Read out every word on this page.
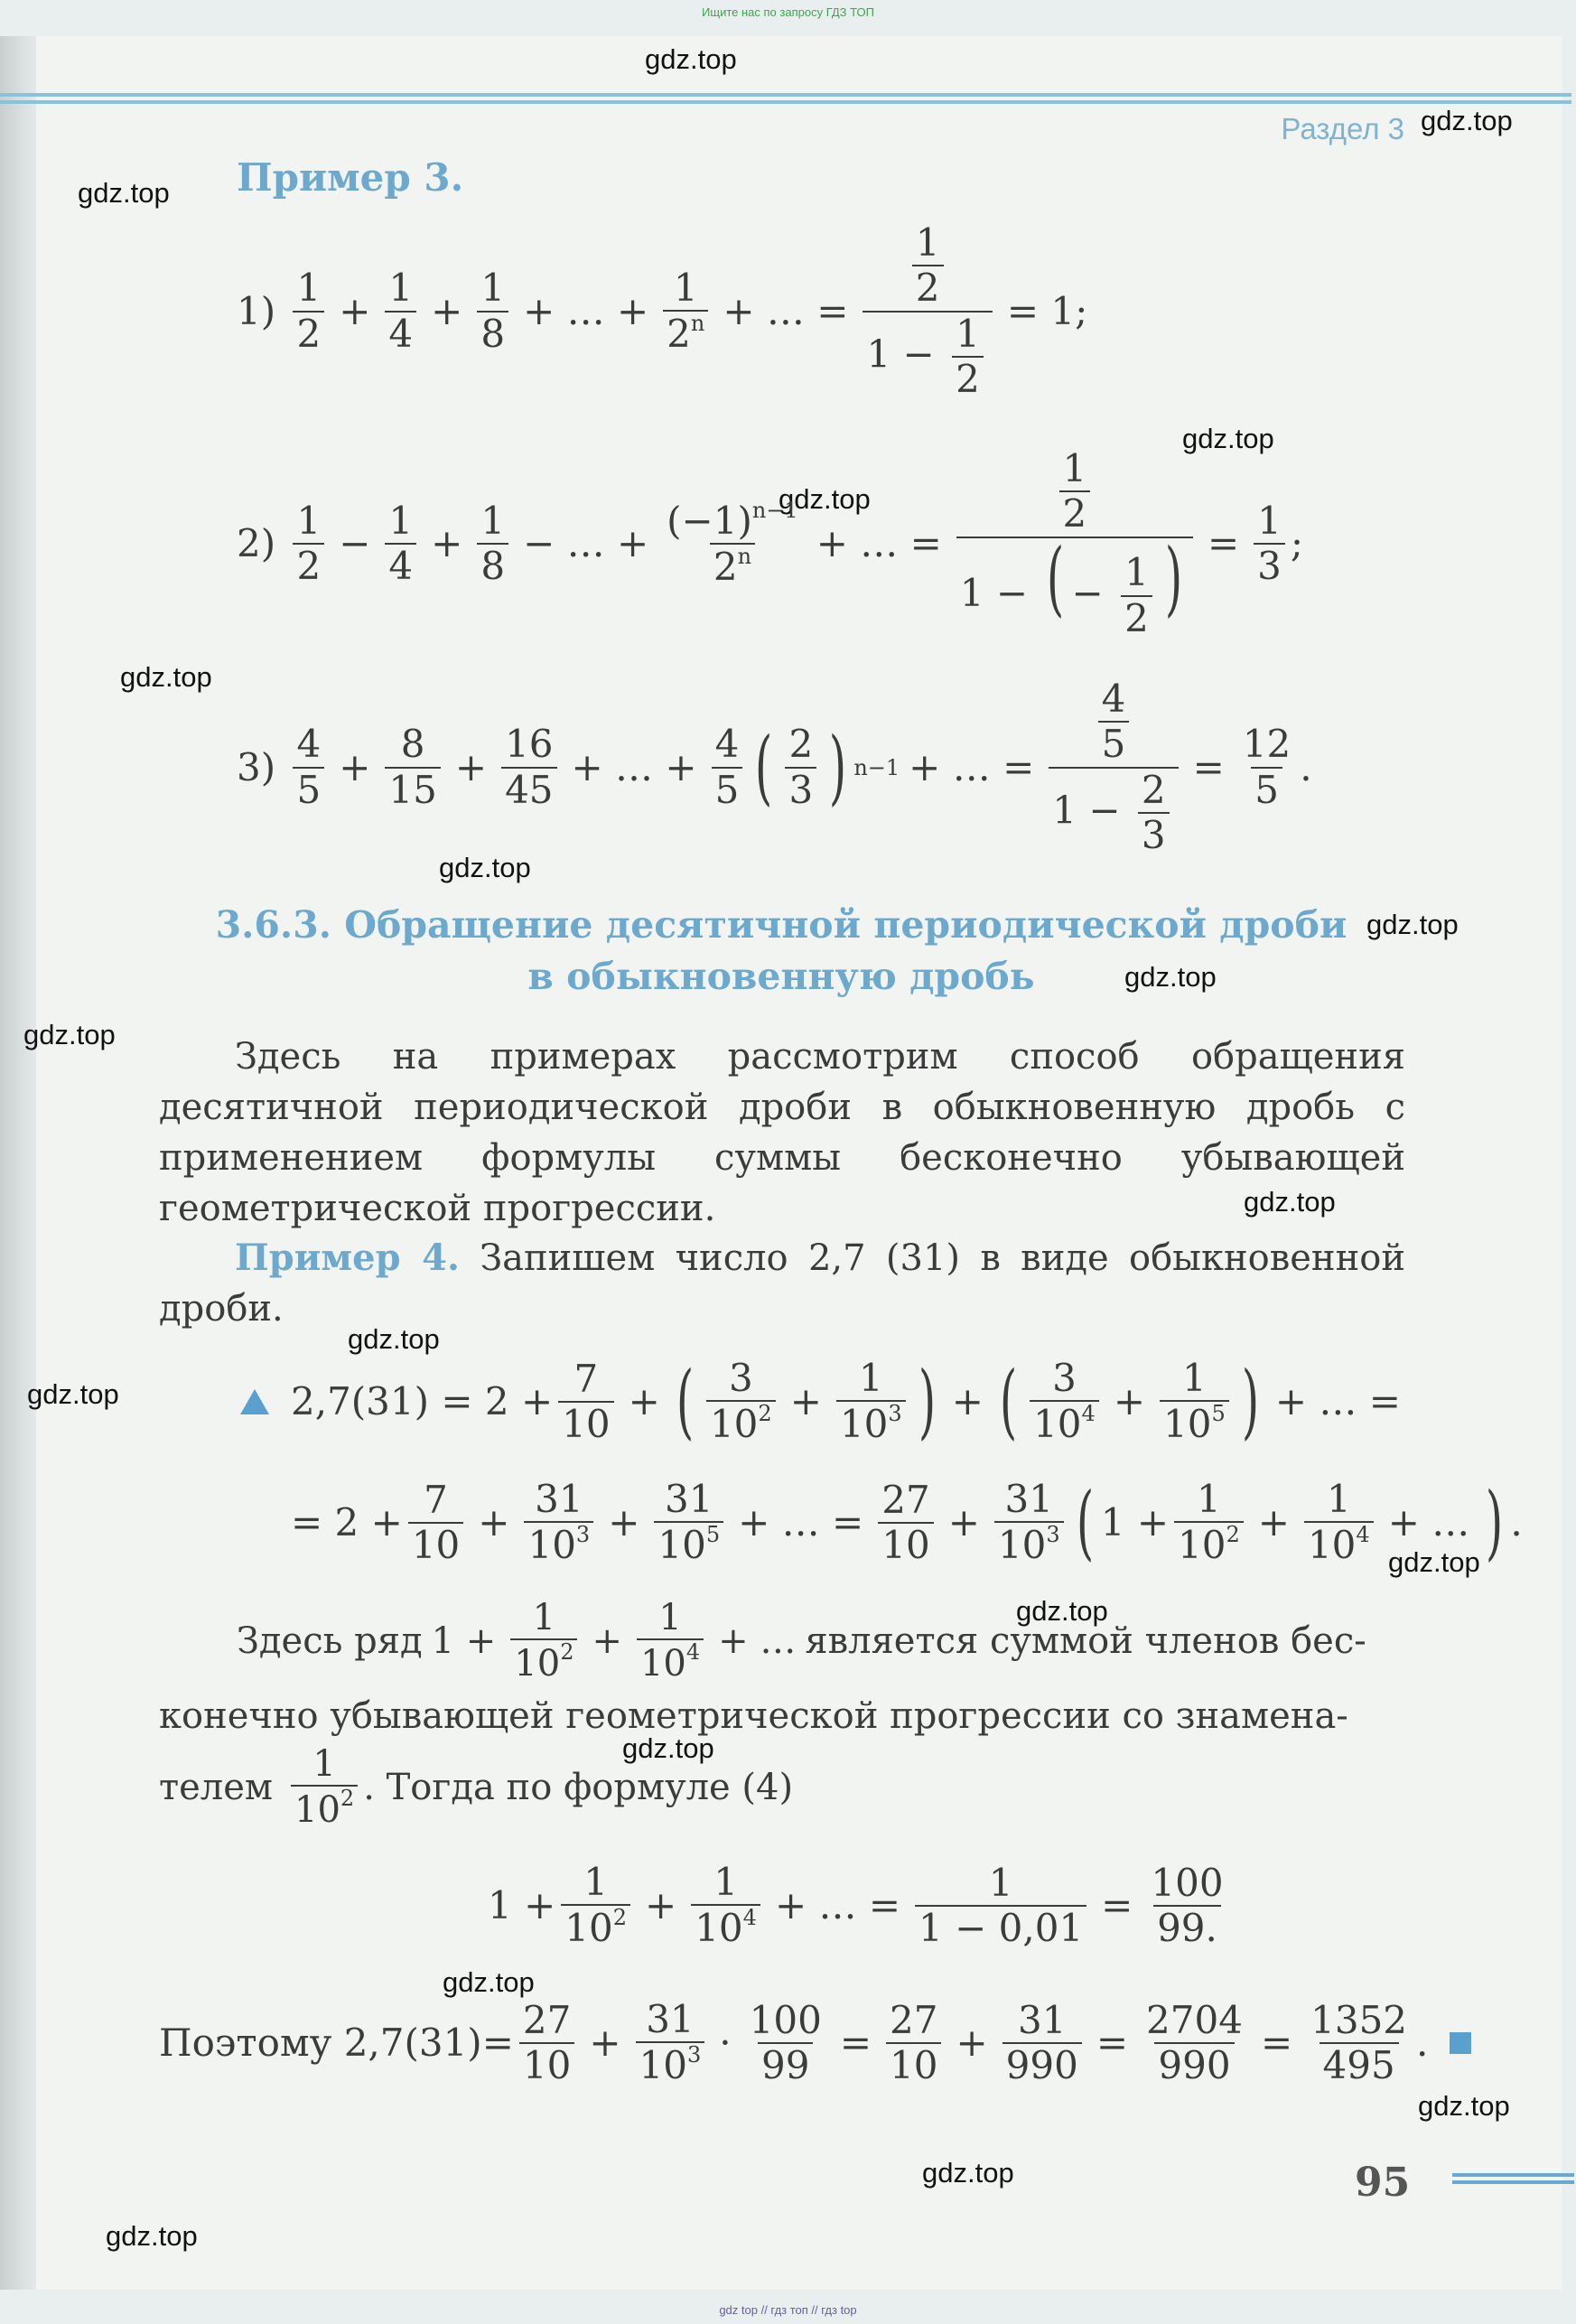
Ищите нас по запросу ГДЗ ТОП
gdz top // гдз топ // гдз top
Раздел 3
gdz.top
gdz.top
gdz.top
gdz.top
gdz.top
gdz.top
gdz.top
gdz.top
gdz.top
gdz.top
gdz.top
gdz.top
gdz.top
gdz.top
gdz.top
gdz.top
gdz.top
gdz.top
gdz.top
gdz.top
Пример 3.
1)

1
$2 + \frac{1}{4} + \frac{1}{8}$ + … + $\frac{1}{2^n}$ + … = $\frac{\frac{1}{2}}{1 - \frac{1}{2}} = 1$;
2)

1
$2 - \frac{1}{4} + \frac{1}{8}$ − … + $\frac{(-1)^{n-1}}{2^n}$ + … = $\frac{\frac{1}{2}}{1 - ( - \frac{1}{2} )} = \frac{1}{3}$ ;
3)

4
$5 + \frac{8}{15} + \frac{16}{45}$ + … + $\frac{4}{5}$ ( 2
3 ) n−1 + … = $\frac{\frac{4}{5}}{1 - \frac{2}{3}} = \frac{12}{5}$ .
3.6.3. Обращение десятичной периодической дроби
в обыкновенную дробь
Здесь на примерах рассмотрим способ обращения десятичной периодической дроби в обыкновенную дробь с применением формулы суммы бесконечно убывающей геометрической прогрессии.
Пример 4. Запишем число 2,7 (31) в виде обыкновенной дроби.
$2,7(31) = 2 + \frac{7}{10}$ + ( 3
$10^2 + \frac{1}{10^3}$ ) + ( 3
$10^4 + \frac{1}{10^5}$ ) + … =
= $2 + \frac{7}{10} + \frac{31}{10^3} + \frac{31}{10^5}$ + … = $\frac{27}{10} + \frac{31}{10^3}$ ( 1 +
1
$10^2 + \frac{1}{10^4}$ + … ) .
Здесь ряд $1 + \frac{1}{10^2} + \frac{1}{10^4}$ + … является суммой членов бес-
конечно убывающей геометрической прогрессии со знамена-
телем
1
$10^2$ . Тогда по формуле (4)
$1 + \frac{1}{10^2} + \frac{1}{10^4}$ + … = $\frac{1}{1 - 0,01} = \frac{100}{99.}$
Поэтому $2,7(31)= \frac{27}{10} + \frac{31}{10^3} \cdot \frac{100}{99} = \frac{27}{10} + \frac{31}{990} = \frac{2704}{990} = \frac{1352}{495}$ .
95
